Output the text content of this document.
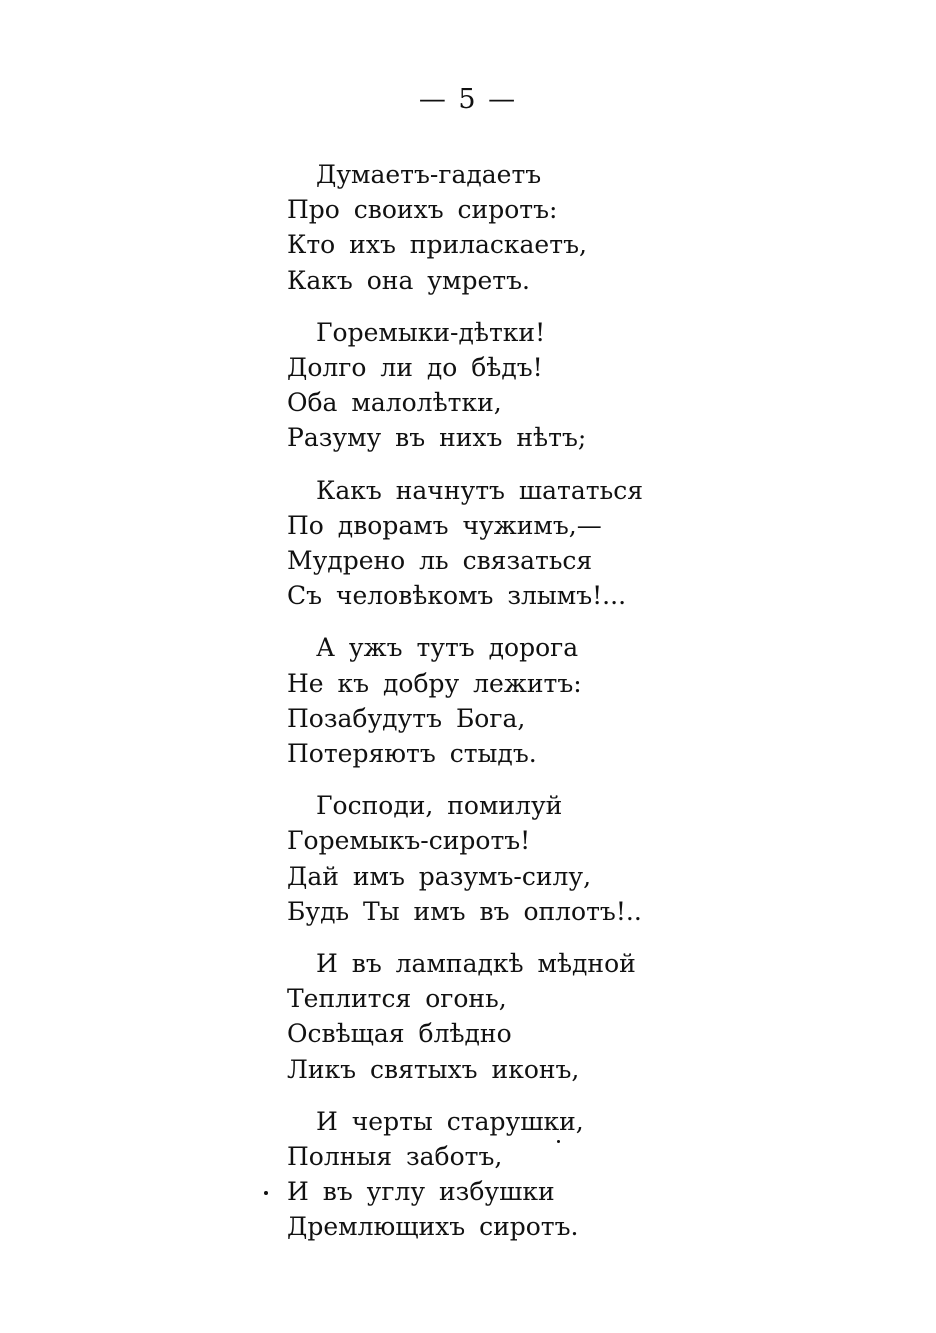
— 5 —
Думаетъ-гадаетъ
Про своихъ сиротъ:
Кто ихъ приласкаетъ,
Какъ она умретъ.
Горемыки-дѣтки!
Долго ли до бѣдъ!
Оба малолѣтки,
Разуму въ нихъ нѣтъ;
Какъ начнутъ шататься
По дворамъ чужимъ,—
Мудрено ль связаться
Съ человѣкомъ злымъ!...
А ужъ тутъ дорога
Не къ добру лежитъ:
Позабудутъ Бога,
Потеряютъ стыдъ.
Господи, помилуй
Горемыкъ-сиротъ!
Дай имъ разумъ-силу,
Будь Ты имъ въ оплотъ!..
И въ лампадкѣ мѣдной
Теплится огонь,
Освѣщая блѣдно
Ликъ святыхъ иконъ,
И черты старушки,
Полныя заботъ,
И въ углу избушки
Дремлющихъ сиротъ.
